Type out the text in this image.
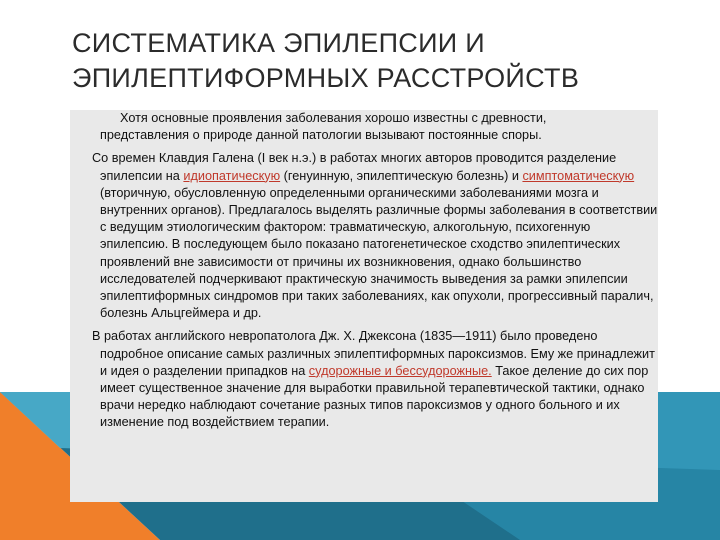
СИСТЕМАТИКА ЭПИЛЕПСИИ И
ЭПИЛЕПТИФОРМНЫХ РАССТРОЙСТВ
Хотя основные проявления заболевания хорошо известны с древности,
представления о природе данной патологии вызывают постоянные споры.
Со времен Клавдия Галена (I век н.э.) в работах многих авторов проводится разделение эпилепсии на идиопатическую (генуинную, эпилептическую болезнь) и симптоматическую (вторичную, обусловленную определенными органическими заболеваниями мозга и внутренних органов). Предлагалось выделять различные формы заболевания в соответствии с ведущим этиологическим фактором: травматическую, алкогольную, психогенную эпилепсию. В последующем было показано патогенетическое сходство эпилептических проявлений вне зависимости от причины их возникновения, однако большинство исследователей подчеркивают практическую значимость выведения за рамки эпилепсии эпилептиформных синдромов при таких заболеваниях, как опухоли, прогрессивный паралич, болезнь Альцгеймера и др.
В работах английского невропатолога Дж. Х. Джексона (1835—1911) было проведено подробное описание самых различных эпилептиформных пароксизмов. Ему же принадлежит и идея о разделении припадков на судорожные и бессудорожные. Такое деление до сих пор имеет существенное значение для выработки правильной терапевтической тактики, однако врачи нередко наблюдают сочетание разных типов пароксизмов у одного больного и их изменение под воздействием терапии.
